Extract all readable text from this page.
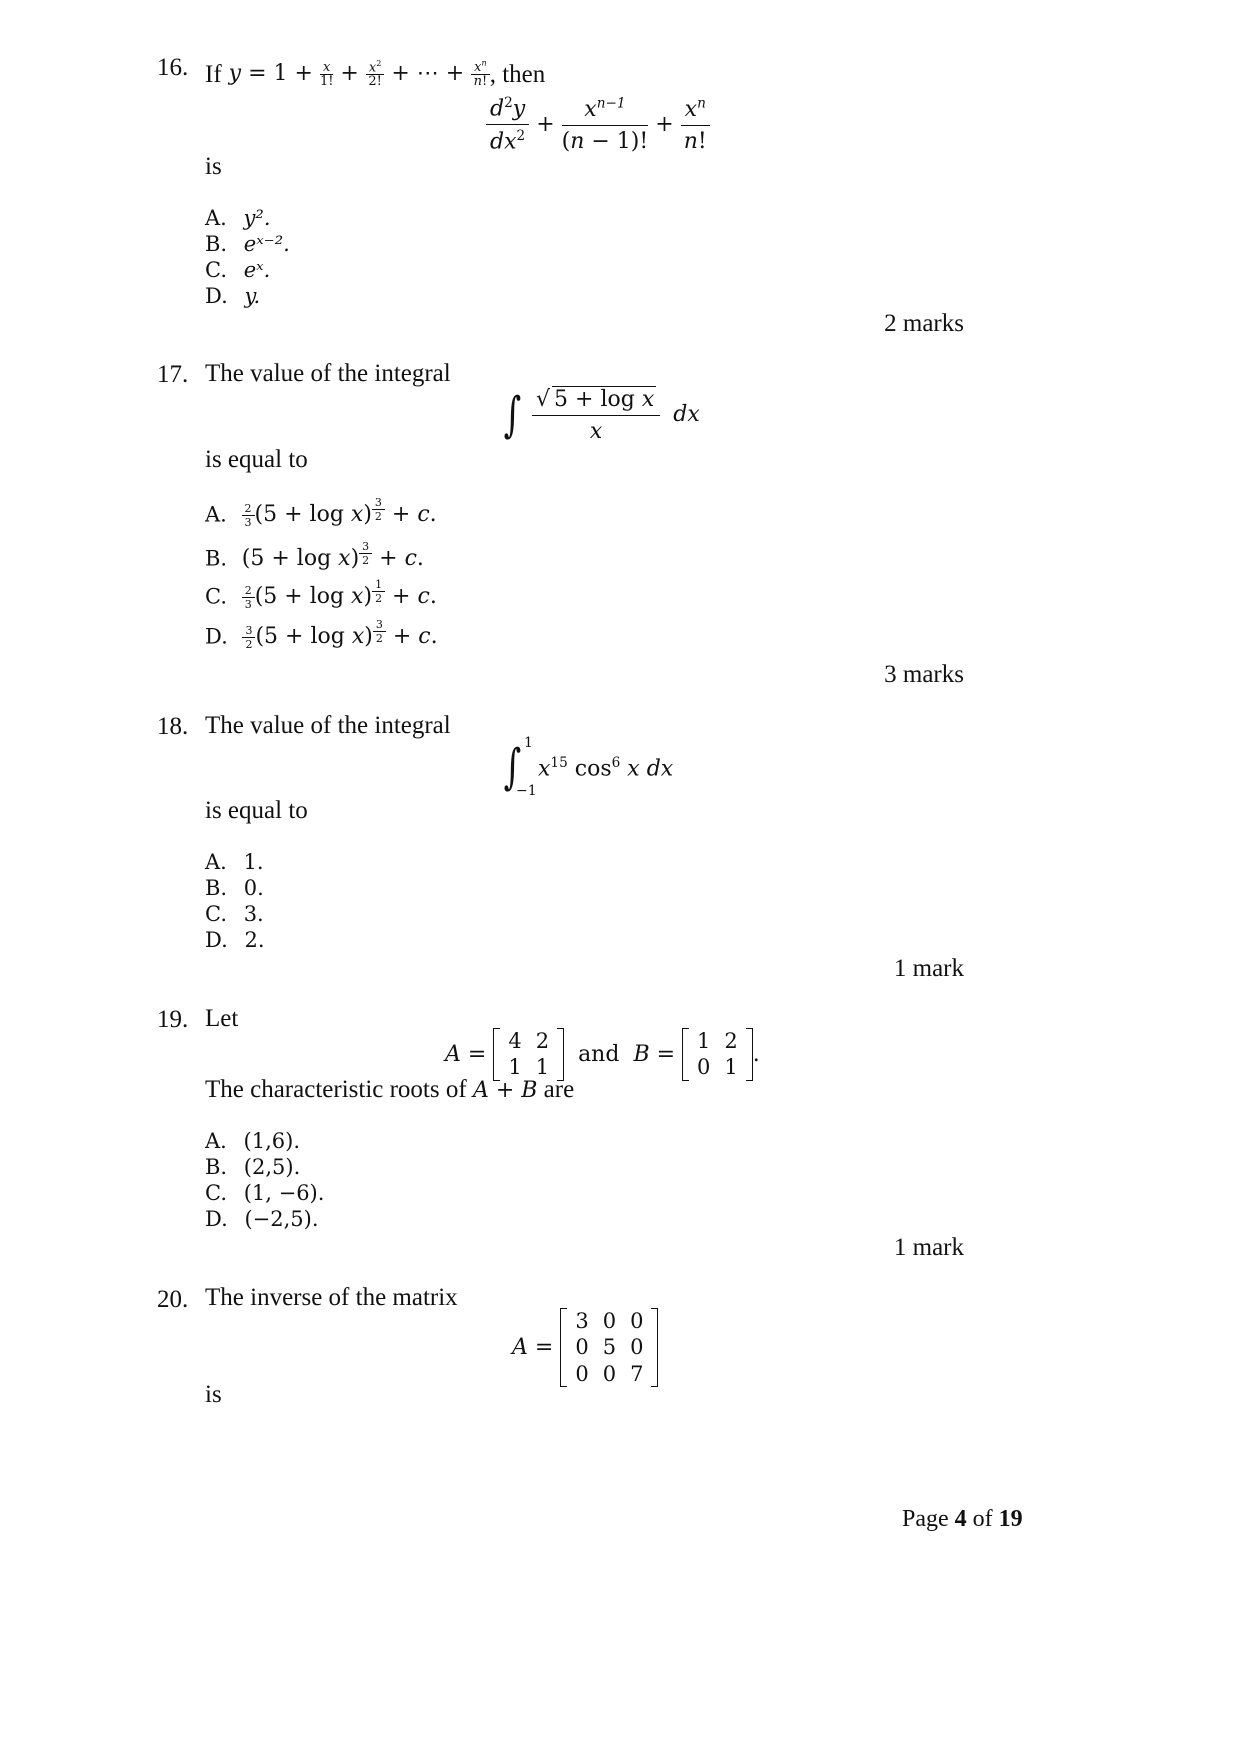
16. If $y = 1 + \frac{x}{1!} + \frac{x^2}{2!}$ + ⋯ + $\frac{x^n}{n!}$ , then
$\frac{d^2y}{dx^2} + \frac{x^{n-1}}{(n - 1)!} + \frac{x^n}{n!}$
is
A. y².
B. eˣ⁻².
C. eˣ.
D. y.
2 marks
17. The value of the integral
∫ $\frac{\text{√ 5 + log x}}{x}$ dx
is equal to
A. $\frac{2}{3} (5 + \log x) ^{\frac{3}{2}} + c$.
B. (5 + log x) $^{\frac{3}{2}}$ + c.
C. $\frac{2}{3} (5 + \log x) ^{\frac{1}{2}} + c$.
D. $\frac{3}{2} (5 + \log x) ^{\frac{3}{2}} + c$.
3 marks
18. The value of the integral
∫ 1
−1
$x^{15}$ $\cos^6 x$ dx
is equal to
A. 1.
B. 0.
C. 3.
D. 2.
1 mark
19. Let
A =
4	2
1	1

and
B =
1	2
0	1
.
The characteristic roots of A + B are
A. (1,6).
B. (2,5).
C. (1, −6).
D. (−2,5).
1 mark
20. The inverse of the matrix
A =
3	0	0
0	5	0
0	0	7
is
Page 4 of 19
